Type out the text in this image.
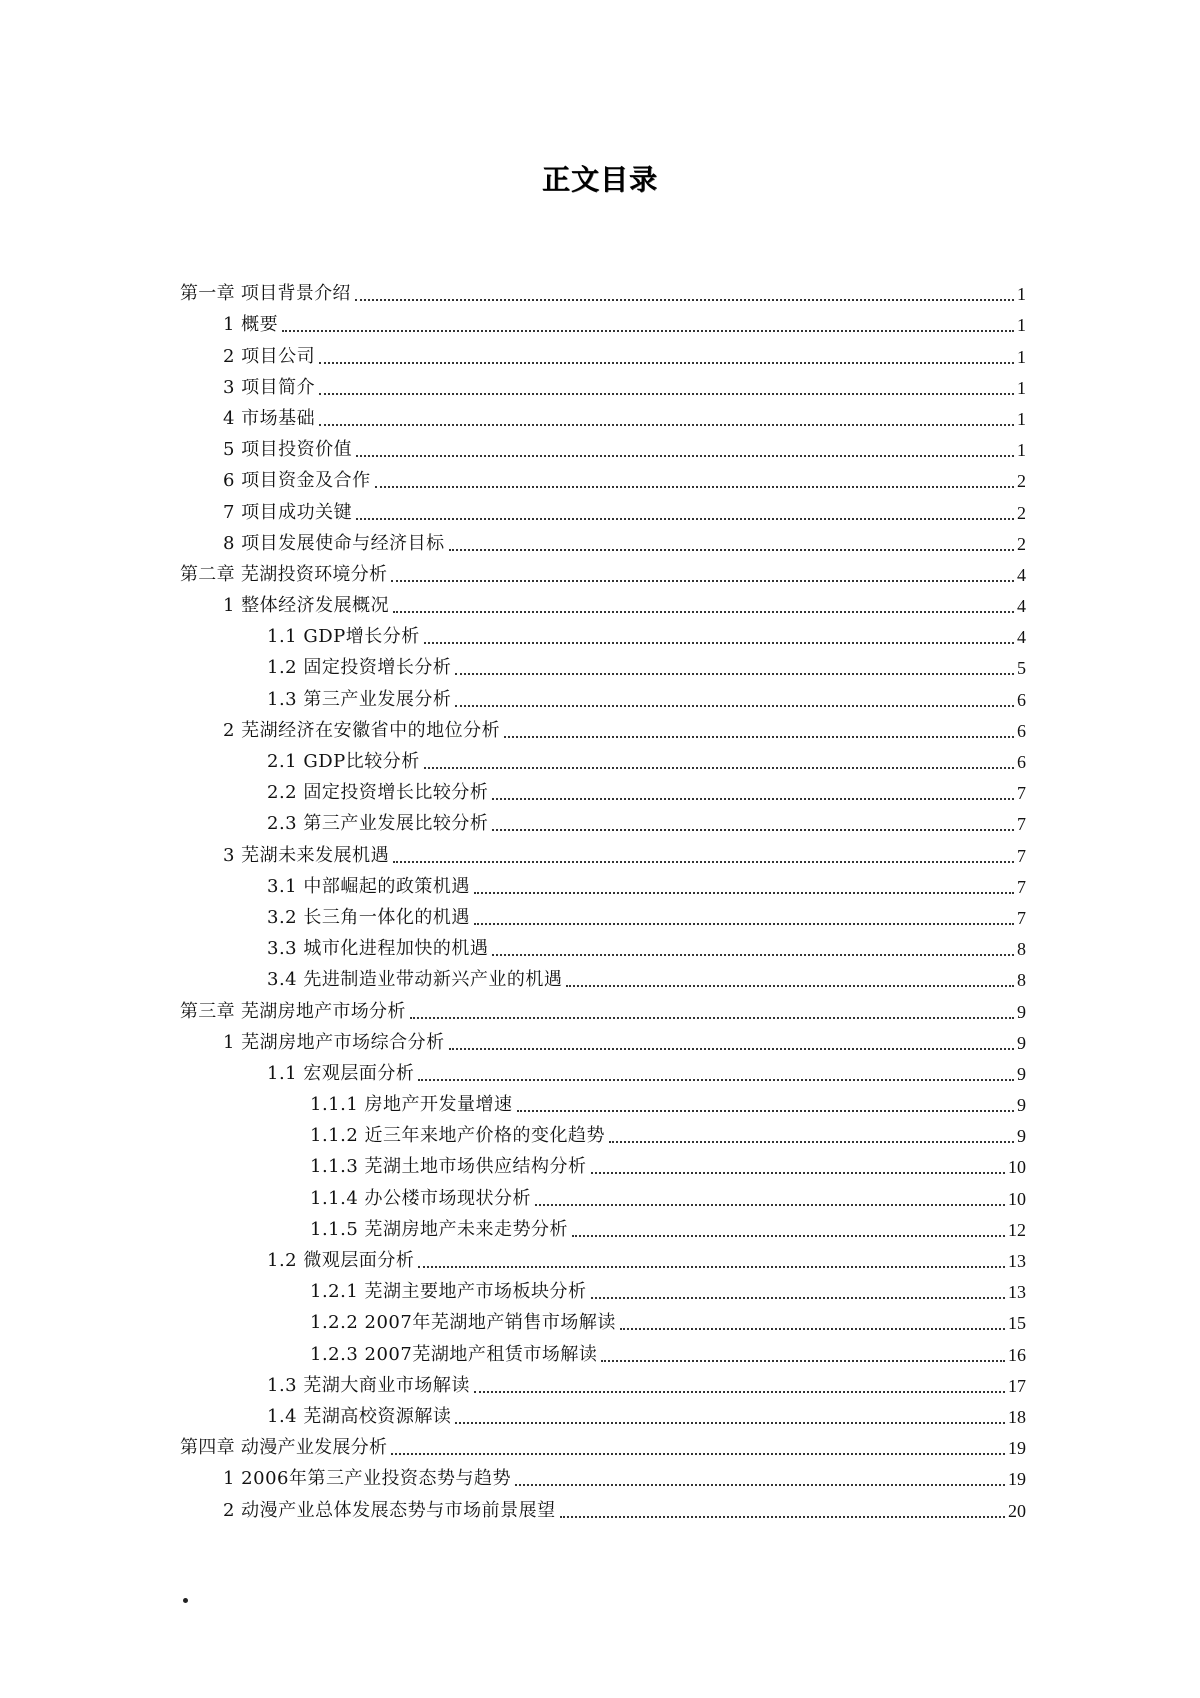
正文目录
第一章 项目背景介绍	1
1 概要	1
2 项目公司	1
3 项目简介	1
4 市场基础	1
5 项目投资价值	1
6 项目资金及合作	2
7 项目成功关键	2
8 项目发展使命与经济目标	2
第二章 芜湖投资环境分析	4
1 整体经济发展概况	4
1.1 GDP增长分析	4
1.2 固定投资增长分析	5
1.3 第三产业发展分析	6
2 芜湖经济在安徽省中的地位分析	6
2.1 GDP比较分析	6
2.2 固定投资增长比较分析	7
2.3 第三产业发展比较分析	7
3 芜湖未来发展机遇	7
3.1 中部崛起的政策机遇	7
3.2 长三角一体化的机遇	7
3.3 城市化进程加快的机遇	8
3.4 先进制造业带动新兴产业的机遇	8
第三章 芜湖房地产市场分析	9
1 芜湖房地产市场综合分析	9
1.1 宏观层面分析	9
1.1.1 房地产开发量增速	9
1.1.2 近三年来地产价格的变化趋势	9
1.1.3 芜湖土地市场供应结构分析	10
1.1.4 办公楼市场现状分析	10
1.1.5 芜湖房地产未来走势分析	12
1.2 微观层面分析	13
1.2.1 芜湖主要地产市场板块分析	13
1.2.2 2007年芜湖地产销售市场解读	15
1.2.3 2007芜湖地产租赁市场解读	16
1.3 芜湖大商业市场解读	17
1.4 芜湖高校资源解读	18
第四章 动漫产业发展分析	19
1 2006年第三产业投资态势与趋势	19
2 动漫产业总体发展态势与市场前景展望	20
